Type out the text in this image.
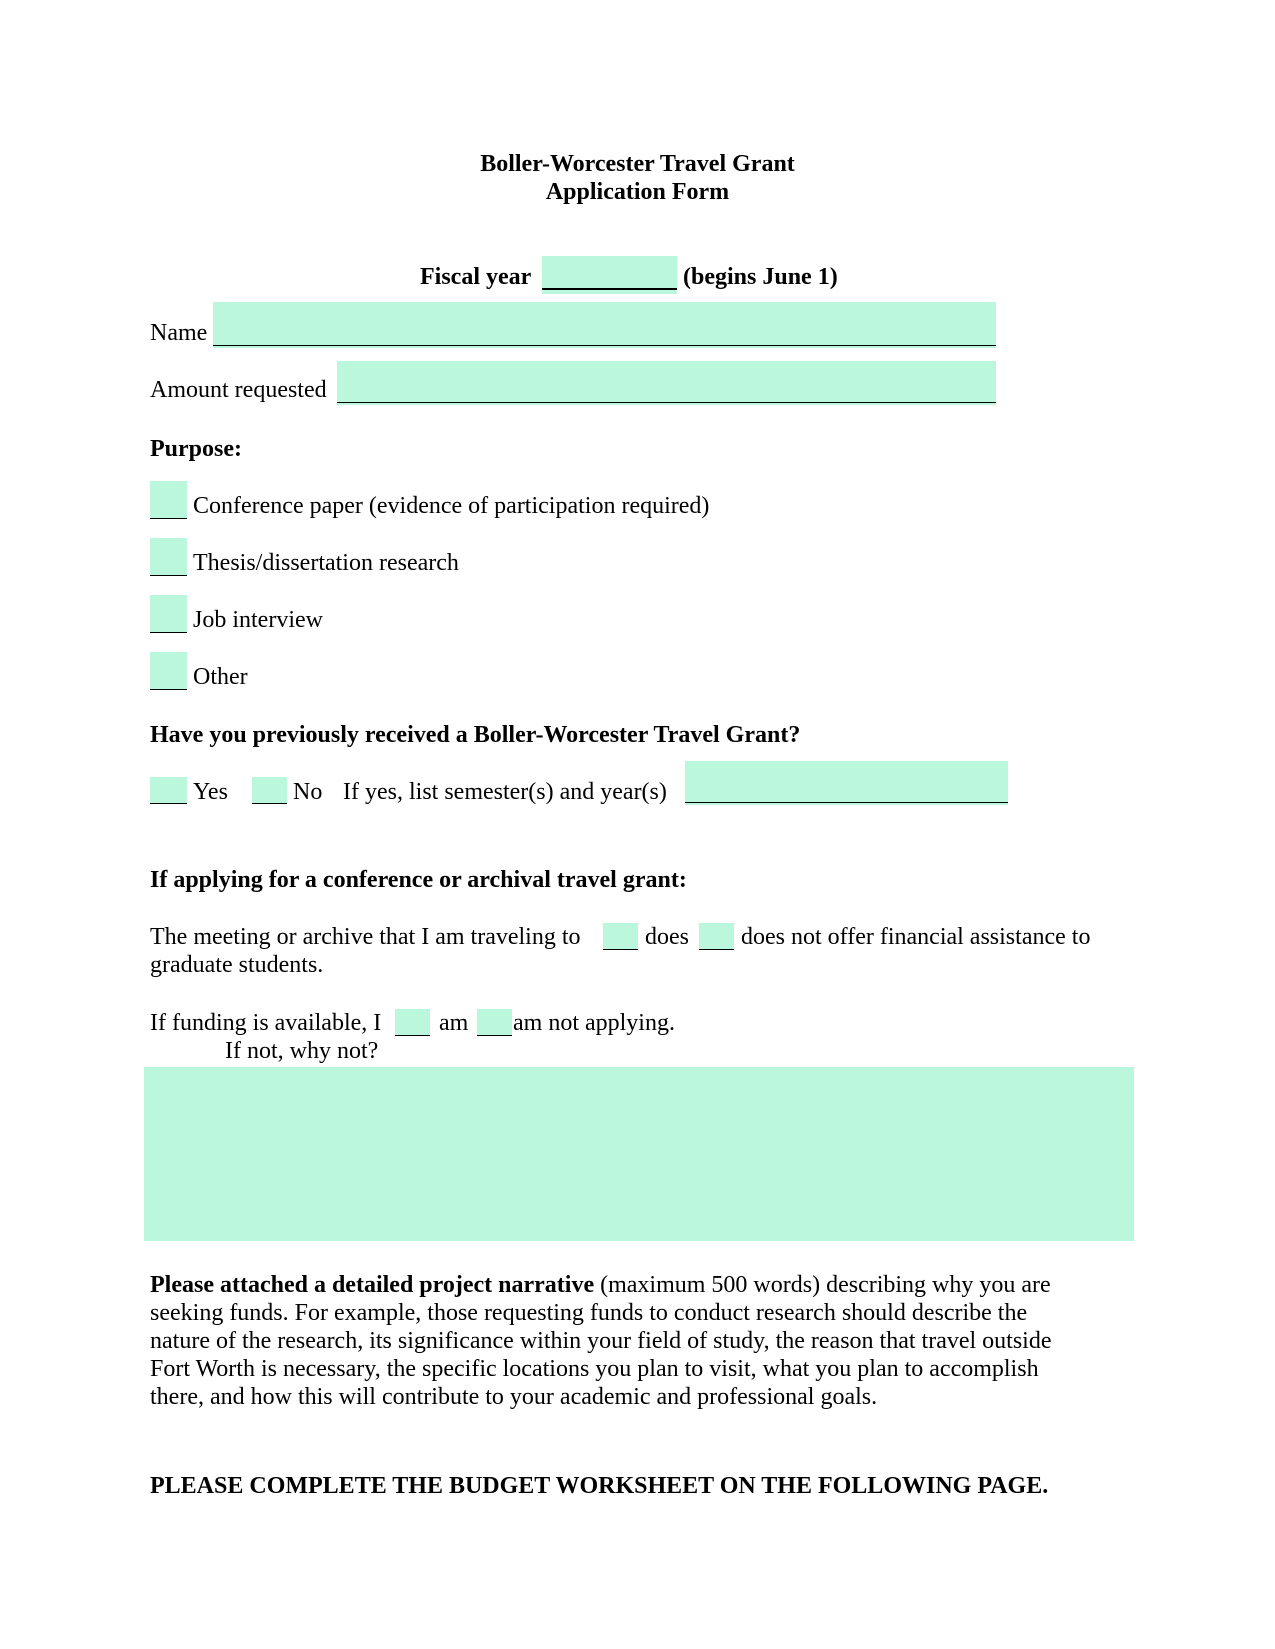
Boller-Worcester Travel Grant
Application Form
Fiscal year	(begins June 1)
Name
Amount requested
Purpose:
Conference paper (evidence of participation required)
Thesis/dissertation research
Job interview
Other
Have you previously received a Boller-Worcester Travel Grant?
Yes	No If yes, list semester(s) and year(s)
If applying for a conference or archival travel grant:
The meeting or archive that I am traveling to	does does not offer financial assistance to
graduate students.
If funding is available, I am am not applying.
If not, why not?
Please attached a detailed project narrative (maximum 500 words) describing why you are
seeking funds. For example, those requesting funds to conduct research should describe the
nature of the research, its significance within your field of study, the reason that travel outside
Fort Worth is necessary, the specific locations you plan to visit, what you plan to accomplish
there, and how this will contribute to your academic and professional goals.
PLEASE COMPLETE THE BUDGET WORKSHEET ON THE FOLLOWING PAGE.
